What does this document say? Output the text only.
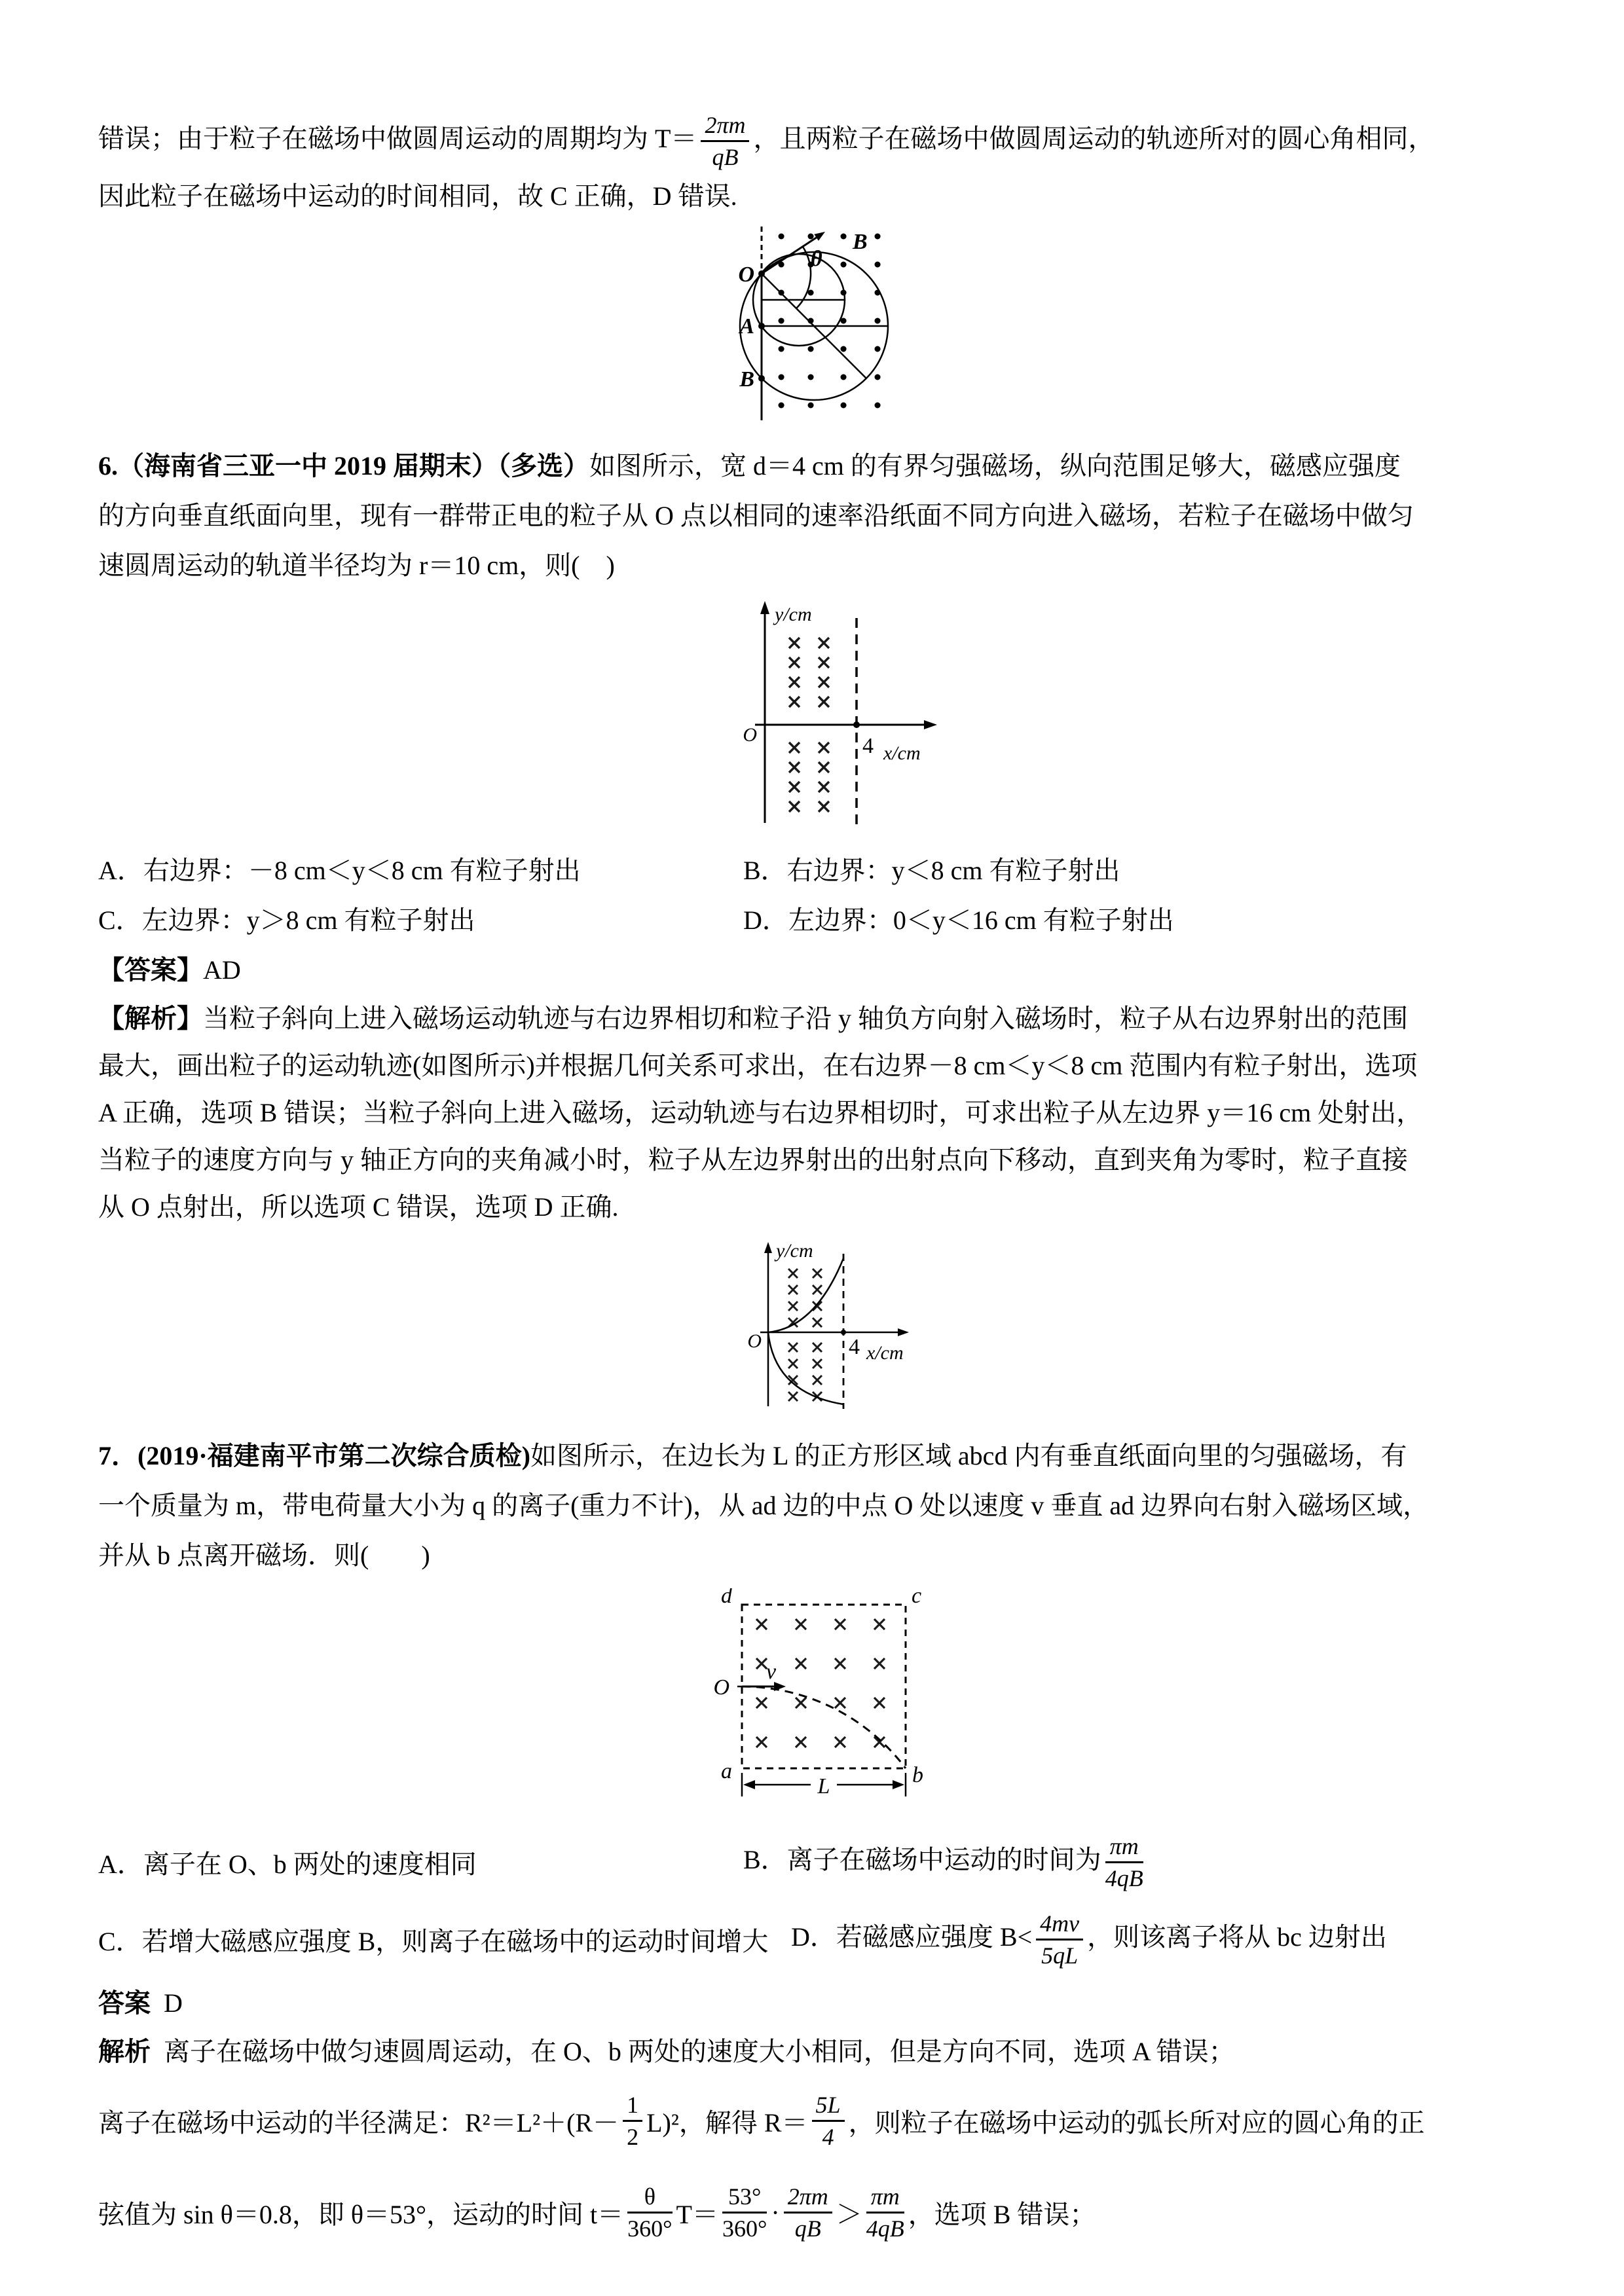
错误；由于粒子在磁场中做圆周运动的周期均为 $T= \frac{2\pi m}{qB}$ ，且两粒子在磁场中做圆周运动的轨迹所对的圆心角相同，
因此粒子在磁场中运动的时间相同，故 C 正确，D 错误.
O
A
B
B
θ
6.（海南省三亚一中 2019 届期末）（多选）如图所示，宽 d＝4 cm 的有界匀强磁场，纵向范围足够大，磁感应强度
的方向垂直纸面向里，现有一群带正电的粒子从 O 点以相同的速率沿纸面不同方向进入磁场，若粒子在磁场中做匀
速圆周运动的轨道半径均为 r＝10 cm，则(　)
y/cm
x/cm
O	4
A．右边界：－8 cm＜y＜8 cm 有粒子射出	B．右边界：y＜8 cm 有粒子射出
C．左边界：y＞8 cm 有粒子射出	D．左边界：0＜y＜16 cm 有粒子射出
【答案】AD
【解析】当粒子斜向上进入磁场运动轨迹与右边界相切和粒子沿 y 轴负方向射入磁场时，粒子从右边界射出的范围
最大，画出粒子的运动轨迹(如图所示)并根据几何关系可求出，在右边界－8 cm＜y＜8 cm 范围内有粒子射出，选项
A 正确，选项 B 错误；当粒子斜向上进入磁场，运动轨迹与右边界相切时，可求出粒子从左边界 y＝16 cm 处射出，
当粒子的速度方向与 y 轴正方向的夹角减小时，粒子从左边界射出的出射点向下移动，直到夹角为零时，粒子直接
从 O 点射出，所以选项 C 错误，选项 D 正确.
y/cm
x/cm
O	4
7．(2019·福建南平市第二次综合质检)如图所示，在边长为 L 的正方形区域 abcd 内有垂直纸面向里的匀强磁场，有
一个质量为 m，带电荷量大小为 q 的离子(重力不计)，从 ad 边的中点 O 处以速度 v 垂直 ad 边界向右射入磁场区域，
并从 b 点离开磁场．则(　　)
d	c
a	b
O
v
L
A．离子在 O、b 两处的速度相同	B．离子在磁场中运动的时间为 $\frac{\pi m}{4qB}$
C．若增大磁感应强度 B，则离子在磁场中的运动时间增大 D．若磁感应强度 $B< \frac{4mv}{5qL}$ ，则该离子将从 bc 边射出
答案 D
解析 离子在磁场中做匀速圆周运动，在 O、b 两处的速度大小相同，但是方向不同，选项 A 错误；
离子在磁场中运动的半径满足：$R^2=L^2+(R- \frac{1}{2} L)^2$，解得 $R= \frac{5L}{4}$ ，则粒子在磁场中运动的弧长所对应的圆心角的正
弦值为 sin θ＝0.8，即 θ＝53°，运动的时间 $t= \frac{\theta}{360^\circ} T= \frac{53^\circ}{360^\circ} \cdot \frac{2\pi m}{qB} > \frac{\pi m}{4qB}$ ，选项 B 错误；
